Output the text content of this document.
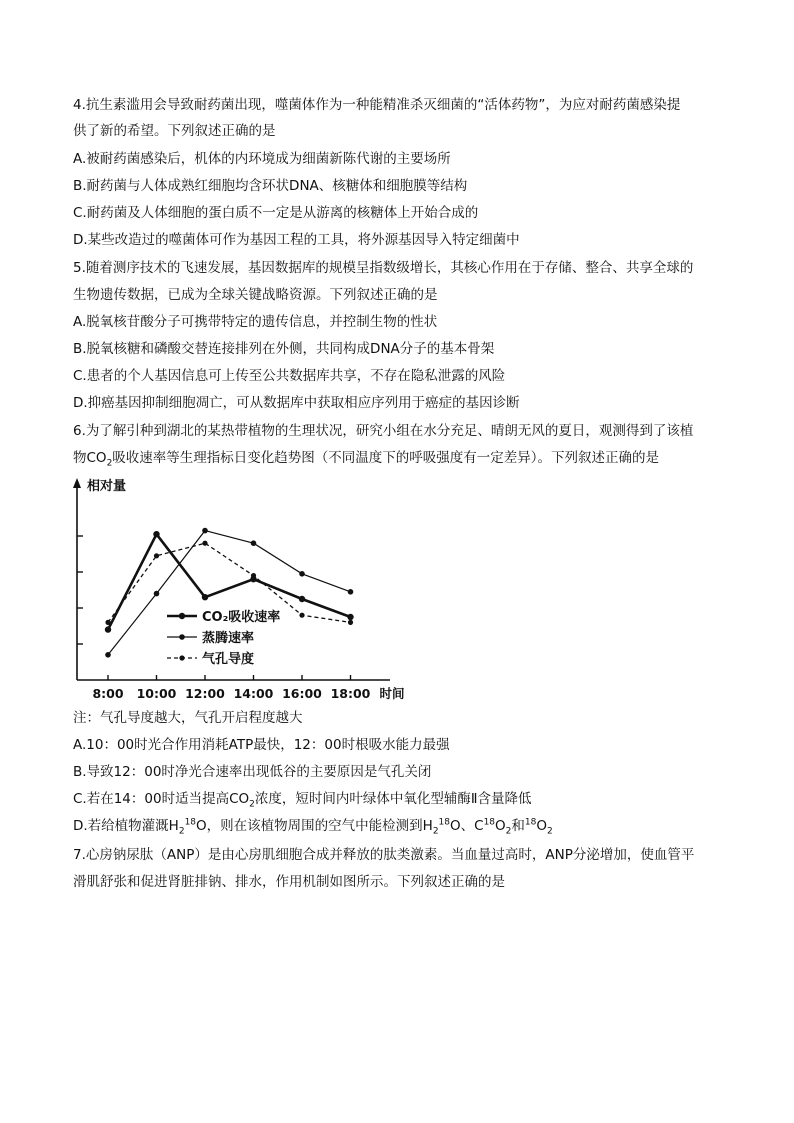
4.抗生素滥用会导致耐药菌出现，噬菌体作为一种能精准杀灭细菌的“活体药物”，为应对耐药菌感染提
供了新的希望。下列叙述正确的是
A.被耐药菌感染后，机体的内环境成为细菌新陈代谢的主要场所
B.耐药菌与人体成熟红细胞均含环状DNA、核糖体和细胞膜等结构
C.耐药菌及人体细胞的蛋白质不一定是从游离的核糖体上开始合成的
D.某些改造过的噬菌体可作为基因工程的工具，将外源基因导入特定细菌中
5.随着测序技术的飞速发展，基因数据库的规模呈指数级增长，其核心作用在于存储、整合、共享全球的
生物遗传数据，已成为全球关键战略资源。下列叙述正确的是
A.脱氧核苷酸分子可携带特定的遗传信息，并控制生物的性状
B.脱氧核糖和磷酸交替连接排列在外侧，共同构成DNA分子的基本骨架
C.患者的个人基因信息可上传至公共数据库共享，不存在隐私泄露的风险
D.抑癌基因抑制细胞凋亡，可从数据库中获取相应序列用于癌症的基因诊断
6.为了解引种到湖北的某热带植物的生理状况，研究小组在水分充足、晴朗无风的夏日，观测得到了该植
物$CO_2$吸收速率等生理指标日变化趋势图（不同温度下的呼吸强度有一定差异）。下列叙述正确的是
相对量
8:00 10:00 12:00 14:00 16:00 18:00 时间
CO₂吸收速率
蒸腾速率
气孔导度
注：气孔导度越大，气孔开启程度越大
A.10：00时光合作用消耗ATP最快，12：00时根吸水能力最强
B.导致12：00时净光合速率出现低谷的主要原因是气孔关闭
C.若在14：00时适当提高$CO_2$浓度，短时间内叶绿体中氧化型辅酶Ⅱ含量降低
D.若给植物灌溉$H_2^{18}O$，则在该植物周围的空气中能检测到$H_2^{18}O$、$C^{18}O_2$和$^{18}O_2$
7.心房钠尿肽（ANP）是由心房肌细胞合成并释放的肽类激素。当血量过高时，ANP分泌增加，使血管平
滑肌舒张和促进肾脏排钠、排水，作用机制如图所示。下列叙述正确的是
